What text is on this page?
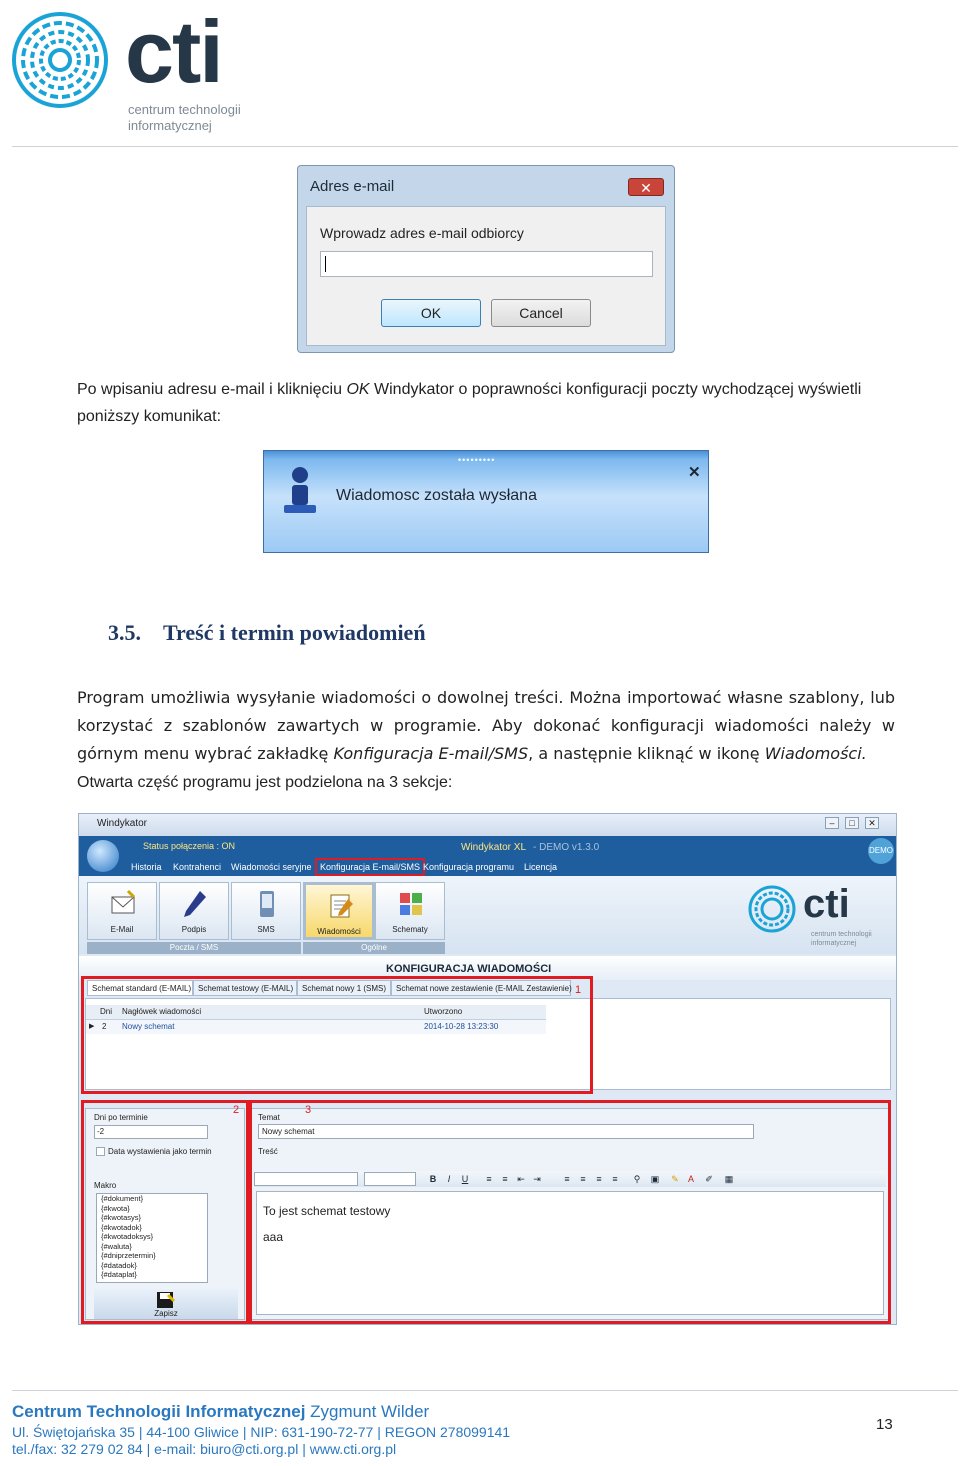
cti
centrum technologii
informatycznej
Adres e-mail	✕
Wprowadz adres e-mail odbiorcy
OK	Cancel
Po wpisaniu adresu e-mail i kliknięciu OK Windykator o poprawności konfiguracji poczty wychodzącej wyświetli poniższy komunikat:
•••••••••
✕
Wiadomosc została wysłana
3.5. Treść i termin powiadomień
Program umożliwia wysyłanie wiadomości o dowolnej treści. Można importować własne szablony, lub korzystać z szablonów zawartych w programie. Aby dokonać konfiguracji wiadomości należy w górnym menu wybrać zakładkę Konfiguracja E-mail/SMS, a następnie kliknąć w ikonę Wiadomości.
Otwarta część programu jest podzielona na 3 sekcje:
Windykator	–	□	✕
Status połączenia : ON	Windykator XL - DEMO v1.3.0	DEMO
Historia Kontrahenci Wiadomości seryjne Konfiguracja E-mail/SMS Konfiguracja programu Licencja
E-Mail	Podpis	SMS	Wiadomości	Schematy
Poczta / SMS	Ogólne
cti
centrum technologii informatycznej
KONFIGURACJA WIADOMOŚCI
Schemat standard (E-MAIL) Schemat testowy (E-MAIL)	Schemat nowy 1 (SMS)	Schemat nowe zestawienie (E-MAIL Zestawienie)
Dni Nagłówek wiadomości	Utworzono
▶ 2 Nowy schemat	2014-10-28 13:23:30
1
Dni po terminie
-2
Data wystawienia jako termin
Makro
{#dokument}
{#kwota}
{#kwotasys}
{#kwotadok}
{#kwotadoksys}
{#waluta}
{#dniprzetermin}
{#datadok}
{#dataplat}
Zapisz
2
Temat
Nowy schemat
Treść
B	I	U ≡ ≡ ⇤ ⇥	≡ ≡ ≡ ≡ ⚲ ▣ ✎ A ✐ ▦
To jest schemat testowy
aaa
3
Centrum Technologii Informatycznej Zygmunt Wilder
Ul. Świętojańska 35 | 44-100 Gliwice | NIP: 631-190-72-77 | REGON 278099141
tel./fax: 32 279 02 84 | e-mail: biuro@cti.org.pl | www.cti.org.pl
13
